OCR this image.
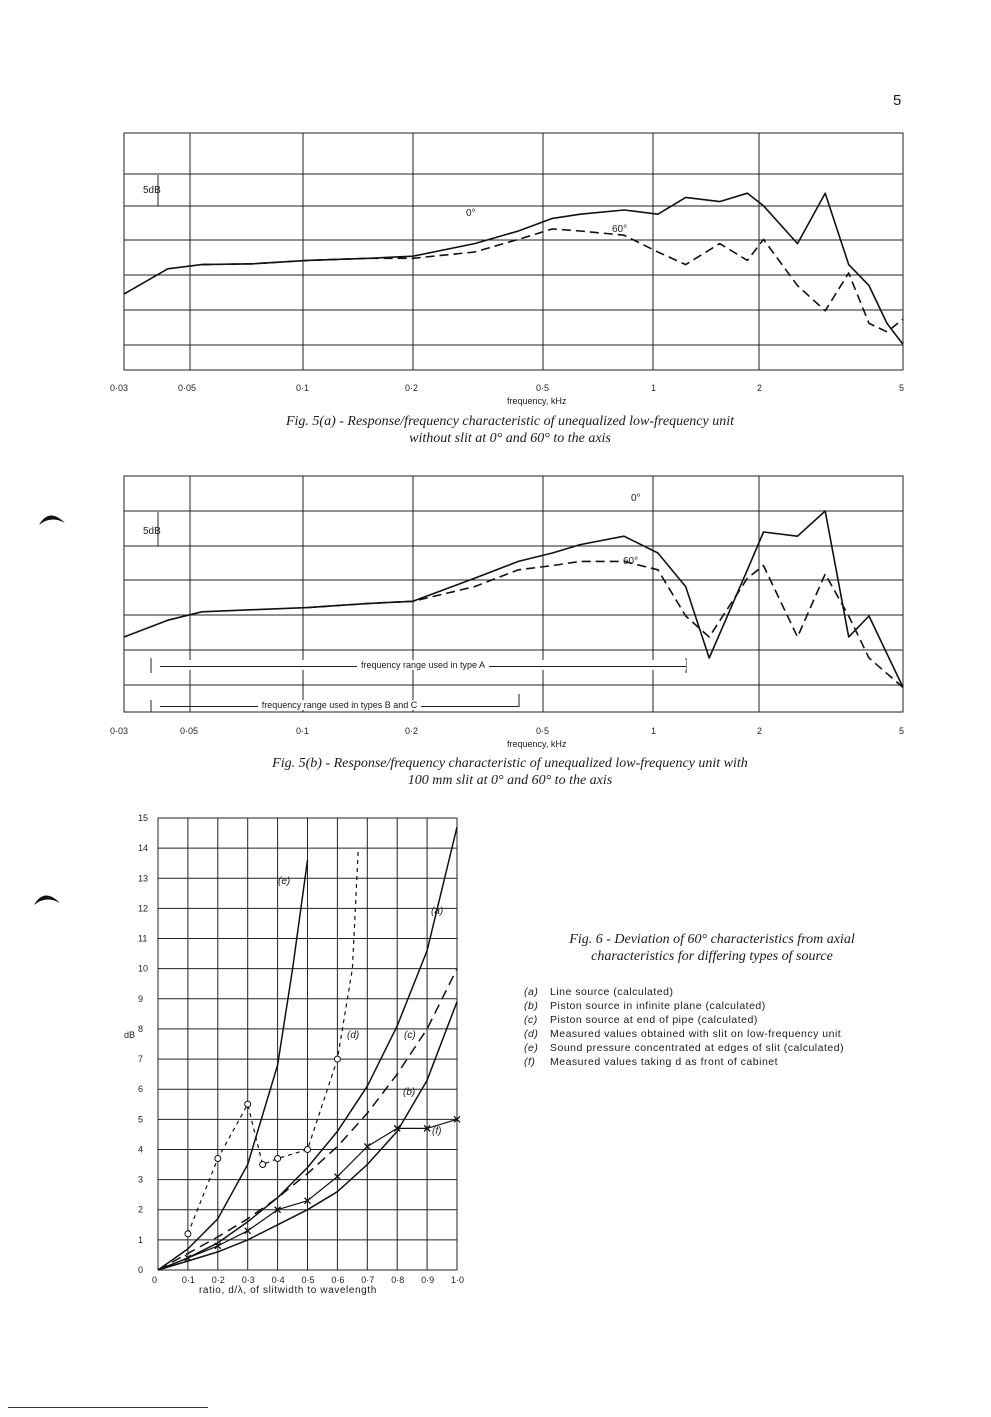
5
5dB
0°
60°
0·03	0·05	0·1	0·2	0·5	1	2	5
frequency, kHz
Fig. 5(a) - Response/frequency characteristic of unequalized low-frequency unit
without slit at 0° and 60° to the axis
5dB
0°
60°
frequency range used in type A
frequency range used in types B and C
0·03	0·05	0·1	0·2	0·5	1	2	5
frequency, kHz
Fig. 5(b) - Response/frequency characteristic of unequalized low-frequency unit with
100 mm slit at 0° and 60° to the axis
0
1
2
3
4
5
6
7
8
9
10
11
12
13
14
15
0	0·1 0·2 0·3 0·4 0·5 0·6 0·7 0·8 0·9 1·0
dB
ratio, d/λ, of slitwidth to wavelength
(e)
(a)
(d)	(c)
(b)
(f)
Fig. 6 - Deviation of 60° characteristics from axial
characteristics for differing types of source
(a) Line source (calculated)
(b) Piston source in infinite plane (calculated)
(c) Piston source at end of pipe (calculated)
(d) Measured values obtained with slit on low-frequency unit
(e) Sound pressure concentrated at edges of slit (calculated)
(f) Measured values taking d as front of cabinet
